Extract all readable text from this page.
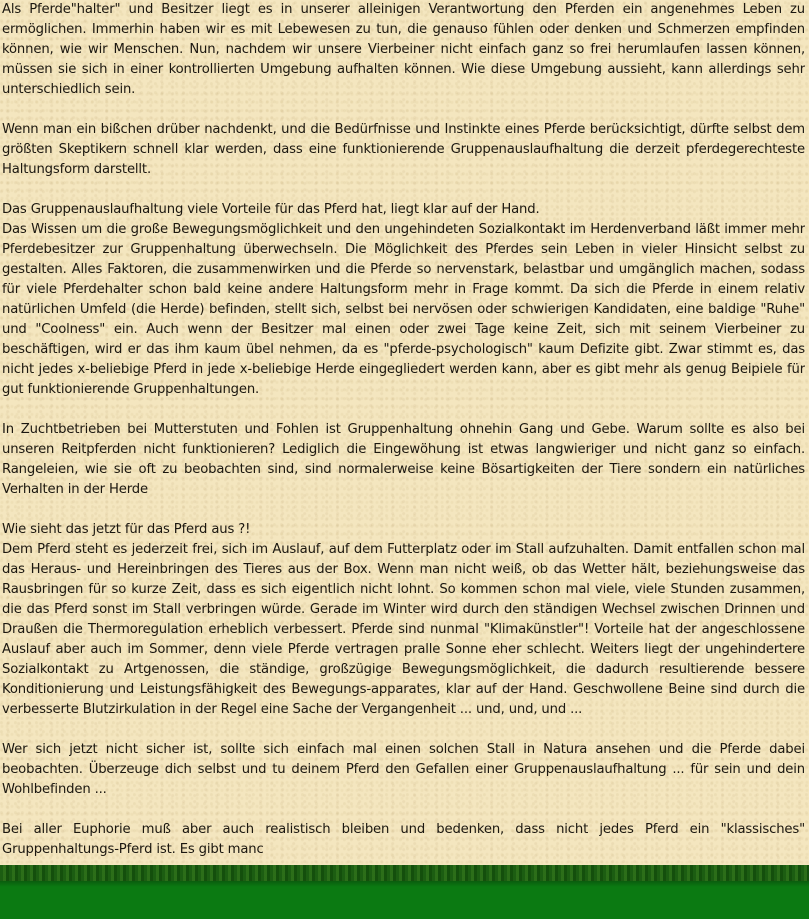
Als Pferde"halter" und Besitzer liegt es in unserer alleinigen Verantwortung den Pferden ein angenehmes Leben zu ermöglichen. Immerhin haben wir es mit Lebewesen zu tun, die genauso fühlen oder denken und Schmerzen empfinden können, wie wir Menschen. Nun, nachdem wir unsere Vierbeiner nicht einfach ganz so frei herumlaufen lassen können, müssen sie sich in einer kontrollierten Umgebung aufhalten können. Wie diese Umgebung aussieht, kann allerdings sehr unterschiedlich sein.

Wenn man ein bißchen drüber nachdenkt, und die Bedürfnisse und Instinkte eines Pferde berücksichtigt, dürfte selbst dem größten Skeptikern schnell klar werden, dass eine funktionierende Gruppenauslaufhaltung die derzeit pferdegerechteste Haltungsform darstellt.

Das Gruppenauslaufhaltung viele Vorteile für das Pferd hat, liegt klar auf der Hand.
Das Wissen um die große Bewegungsmöglichkeit und den ungehindeten Sozialkontakt im Herdenverband läßt immer mehr Pferdebesitzer zur Gruppenhaltung überwechseln. Die Möglichkeit des Pferdes sein Leben in vieler Hinsicht selbst zu gestalten. Alles Faktoren, die zusammenwirken und die Pferde so nervenstark, belastbar und umgänglich machen, sodass für viele Pferdehalter schon bald keine andere Haltungsform mehr in Frage kommt. Da sich die Pferde in einem relativ natürlichen Umfeld (die Herde) befinden, stellt sich, selbst bei nervösen oder schwierigen Kandidaten, eine baldige "Ruhe" und "Coolness" ein. Auch wenn der Besitzer mal einen oder zwei Tage keine Zeit, sich mit seinem Vierbeiner zu beschäftigen, wird er das ihm kaum übel nehmen, da es "pferde-psychologisch" kaum Defizite gibt. Zwar stimmt es, das nicht jedes x-beliebige Pferd in jede x-beliebige Herde eingegliedert werden kann, aber es gibt mehr als genug Beipiele für gut funktionierende Gruppenhaltungen.

In Zuchtbetrieben bei Mutterstuten und Fohlen ist Gruppenhaltung ohnehin Gang und Gebe. Warum sollte es also bei unseren Reitpferden nicht funktionieren? Lediglich die Eingewöhung ist etwas langwieriger und nicht ganz so einfach. Rangeleien, wie sie oft zu beobachten sind, sind normalerweise keine Bösartigkeiten der Tiere sondern ein natürliches Verhalten in der Herde

Wie sieht das jetzt für das Pferd aus ?!
Dem Pferd steht es jederzeit frei, sich im Auslauf, auf dem Futterplatz oder im Stall aufzuhalten. Damit entfallen schon mal das Heraus- und Hereinbringen des Tieres aus der Box. Wenn man nicht weiß, ob das Wetter hält, beziehungsweise das Rausbringen für so kurze Zeit, dass es sich eigentlich nicht lohnt. So kommen schon mal viele, viele Stunden zusammen, die das Pferd sonst im Stall verbringen würde. Gerade im Winter wird durch den ständigen Wechsel zwischen Drinnen und Draußen die Thermoregulation erheblich verbessert. Pferde sind nunmal "Klimakünstler"! Vorteile hat der angeschlossene Auslauf aber auch im Sommer, denn viele Pferde vertragen pralle Sonne eher schlecht. Weiters liegt der ungehindertere Sozialkontakt zu Artgenossen, die ständige, großzügige Bewegungsmöglichkeit, die dadurch resultierende bessere Konditionierung und Leistungsfähigkeit des Bewegungs-apparates, klar auf der Hand. Geschwollene Beine sind durch die verbesserte Blutzirkulation in der Regel eine Sache der Vergangenheit ... und, und, und ...

Wer sich jetzt nicht sicher ist, sollte sich einfach mal einen solchen Stall in Natura ansehen und die Pferde dabei beobachten. Überzeuge dich selbst und tu deinem Pferd den Gefallen einer Gruppenauslaufhaltung ... für sein und dein Wohlbefinden ...

Bei aller Euphorie muß aber auch realistisch bleiben und bedenken, dass nicht jedes Pferd ein "klassisches" Gruppenhaltungs-Pferd ist. Es gibt manc
